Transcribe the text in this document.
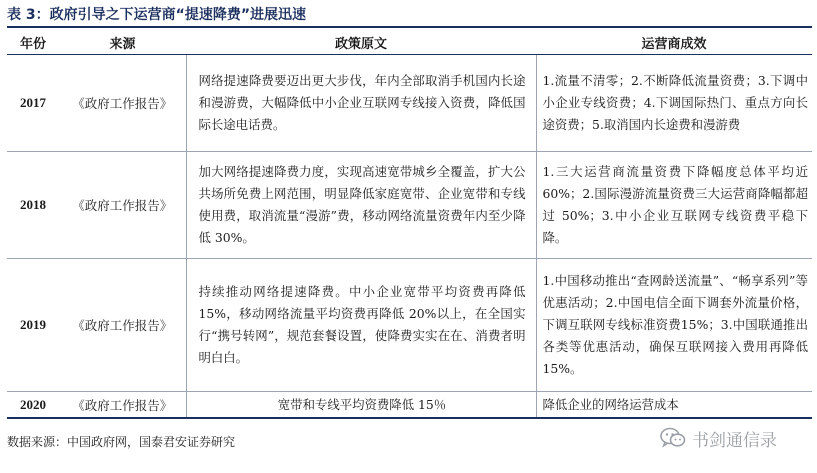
表 3：政府引导之下运营商“提速降费”进展迅速
年份	来源	政策原文	运营商成效
2017	《政府工作报告》	网络提速降费要迈出更大步伐，年内全部取消手机国内长途和漫游费，大幅降低中小企业互联网专线接入资费，降低国际长途电话费。	1.流量不清零；2.不断降低流量资费；3.下调中小企业专线资费；4.下调国际热门、重点方向长途资费；5.取消国内长途费和漫游费

2018	《政府工作报告》	加大网络提速降费力度，实现高速宽带城乡全覆盖，扩大公共场所免费上网范围，明显降低家庭宽带、企业宽带和专线使用费，取消流量“漫游”费，移动网络流量资费年内至少降低 30%。	1.三大运营商流量资费下降幅度总体平均近 60%；2.国际漫游流量资费三大运营商降幅都超过 50%；3.中小企业互联网专线资费平稳下降。

2019	《政府工作报告》	持续推动网络提速降费。中小企业宽带平均资费再降低 15%，移动网络流量平均资费再降低 20%以上，在全国实行“携号转网”，规范套餐设置，使降费实实在在、消费者明明白白。	1.中国移动推出“查网龄送流量”、“畅享系列”等优惠活动；2.中国电信全面下调套外流量价格，下调互联网专线标准资费15%；3.中国联通推出各类等优惠活动，确保互联网接入费用再降低 15%。

2020	《政府工作报告》	宽带和专线平均资费降低 15％	降低企业的网络运营成本
数据来源：中国政府网，国泰君安证券研究	书剑通信录
